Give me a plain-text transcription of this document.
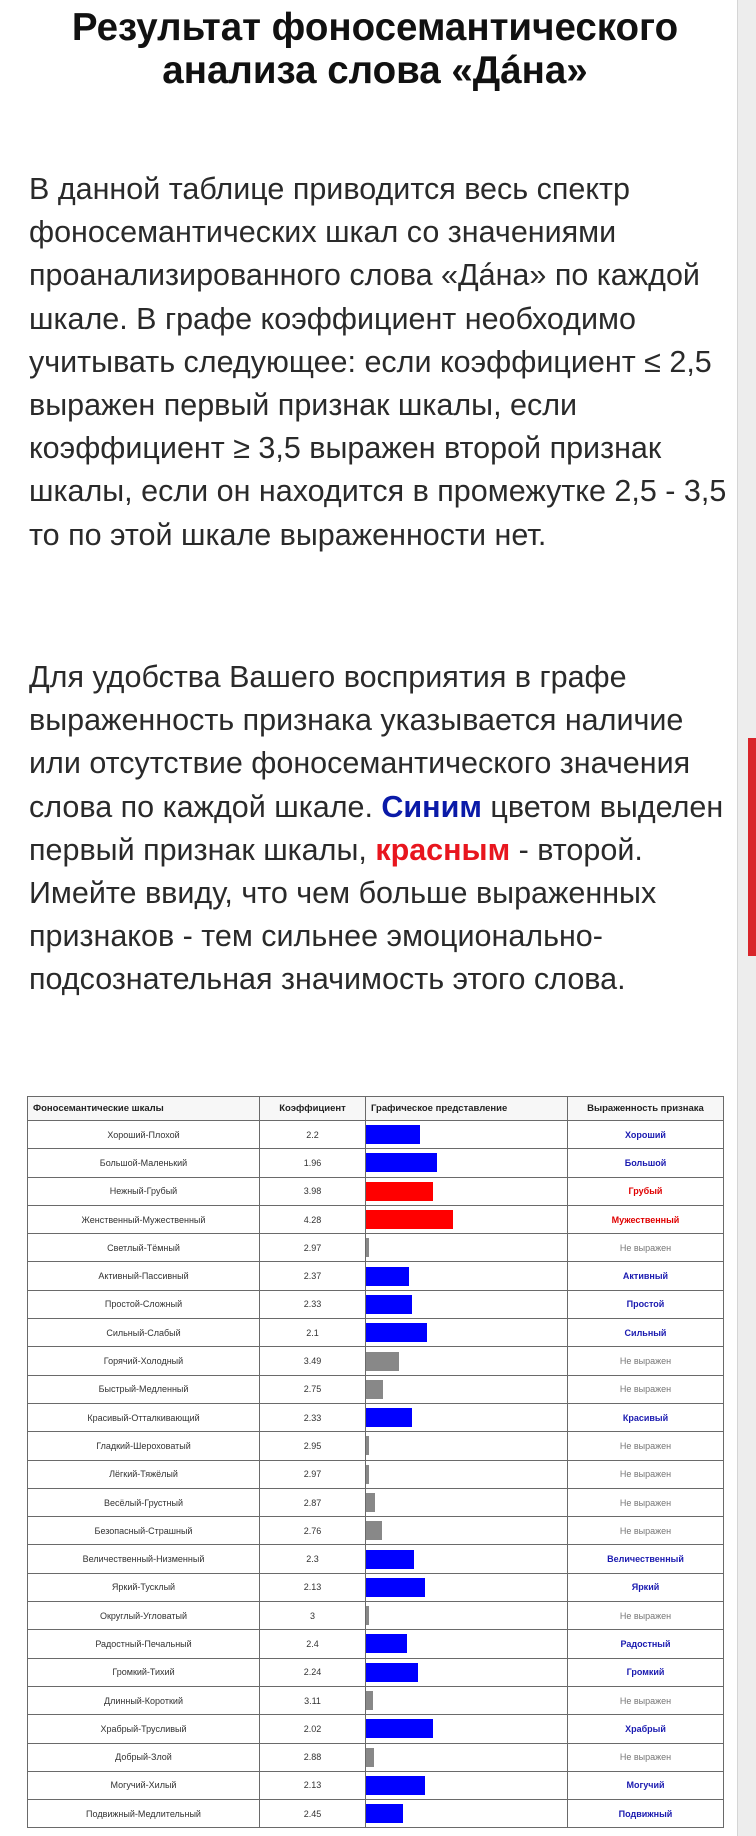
Результат фоносемантического анализа слова «Дáна»

В данной таблице приводится весь спектр фоносемантических шкал со значениями проанализированного слова «Дáна» по каждой шкале. В графе коэффициент необходимо учитывать следующее: если коэффициент ≤ 2,5 выражен первый признак шкалы, если коэффициент ≥ 3,5 выражен второй признак шкалы, если он находится в промежутке 2,5 - 3,5 то по этой шкале выраженности нет.

Для удобства Вашего восприятия в графе выраженность признака указывается наличие или отсутствие фоносемантического значения слова по каждой шкале. Синим цветом выделен первый признак шкалы, красным - второй. Имейте ввиду, что чем больше выраженных признаков - тем сильнее эмоционально-подсознательная значимость этого слова.

Фоносемантические шкалы	Коэффициент	Графическое представление	Выраженность признака
Хороший-Плохой	2.2		Хороший
Большой-Маленький	1.96		Большой
Нежный-Грубый	3.98		Грубый
Женственный-Мужественный	4.28		Мужественный
Светлый-Тёмный	2.97		Не выражен
Активный-Пассивный	2.37		Активный
Простой-Сложный	2.33		Простой
Сильный-Слабый	2.1		Сильный
Горячий-Холодный	3.49		Не выражен
Быстрый-Медленный	2.75		Не выражен
Красивый-Отталкивающий	2.33		Красивый
Гладкий-Шероховатый	2.95		Не выражен
Лёгкий-Тяжёлый	2.97		Не выражен
Весёлый-Грустный	2.87		Не выражен
Безопасный-Страшный	2.76		Не выражен
Величественный-Низменный	2.3		Величественный
Яркий-Тусклый	2.13		Яркий
Округлый-Угловатый	3		Не выражен
Радостный-Печальный	2.4		Радостный
Громкий-Тихий	2.24		Громкий
Длинный-Короткий	3.11		Не выражен
Храбрый-Трусливый	2.02		Храбрый
Добрый-Злой	2.88		Не выражен
Могучий-Хилый	2.13		Могучий
Подвижный-Медлительный	2.45		Подвижный
